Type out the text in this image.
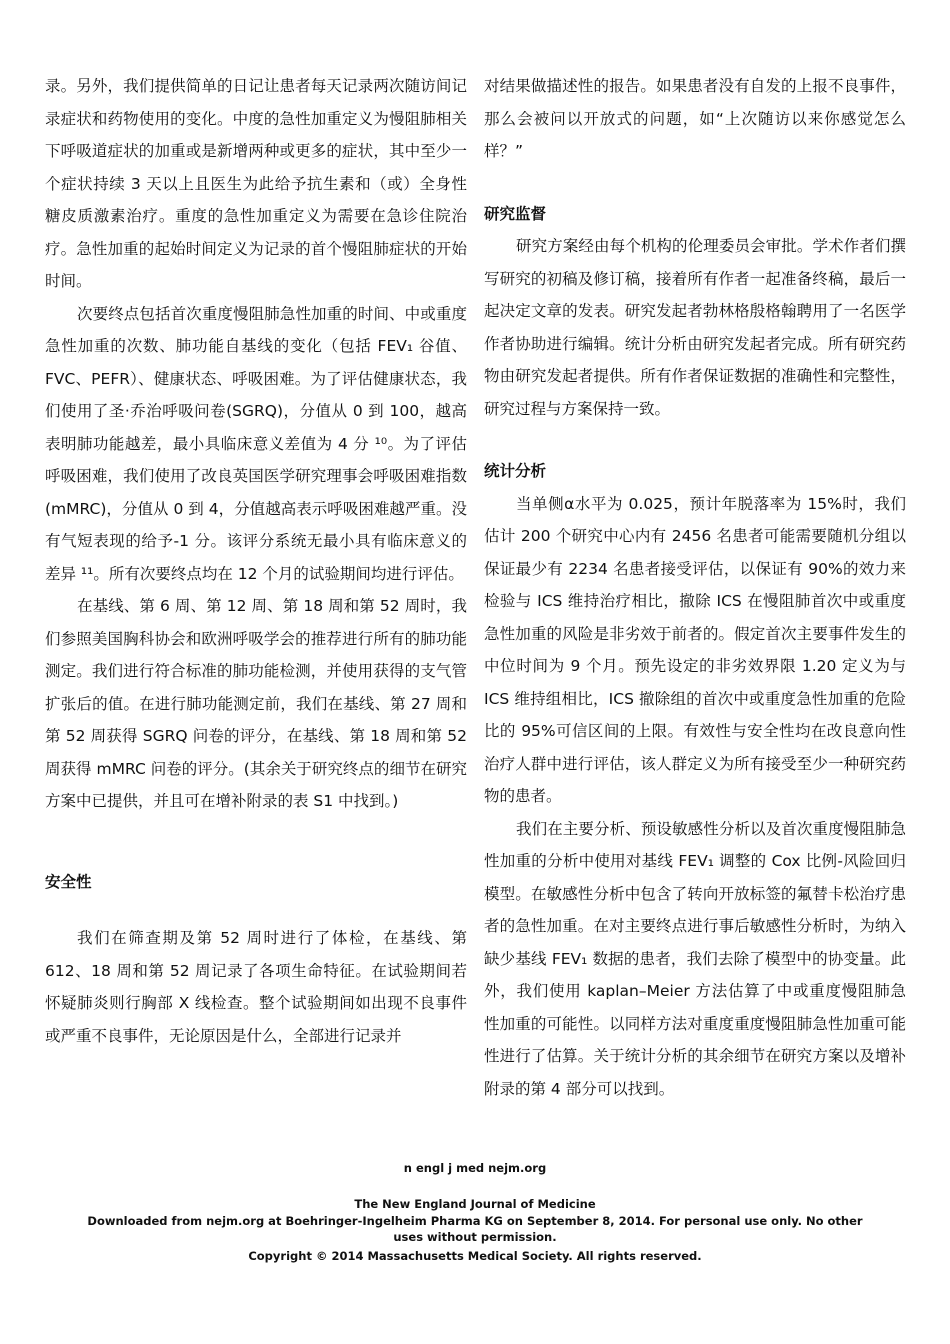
录。另外，我们提供简单的日记让患者每天记录两次随访间记录症状和药物使用的变化。中度的急性加重定义为慢阻肺相关下呼吸道症状的加重或是新增两种或更多的症状，其中至少一个症状持续 3 天以上且医生为此给予抗生素和（或）全身性糖皮质激素治疗。重度的急性加重定义为需要在急诊住院治疗。急性加重的起始时间定义为记录的首个慢阻肺症状的开始时间。

次要终点包括首次重度慢阻肺急性加重的时间、中或重度急性加重的次数、肺功能自基线的变化（包括 FEV₁ 谷值、FVC、PEFR）、健康状态、呼吸困难。为了评估健康状态，我们使用了圣·乔治呼吸问卷(SGRQ)，分值从 0 到 100，越高表明肺功能越差，最小具临床意义差值为 4 分 ¹⁰。为了评估呼吸困难，我们使用了改良英国医学研究理事会呼吸困难指数(mMRC)，分值从 0 到 4，分值越高表示呼吸困难越严重。没有气短表现的给予-1 分。该评分系统无最小具有临床意义的差异 ¹¹。所有次要终点均在 12 个月的试验期间均进行评估。

在基线、第 6 周、第 12 周、第 18 周和第 52 周时，我们参照美国胸科协会和欧洲呼吸学会的推荐进行所有的肺功能测定。我们进行符合标准的肺功能检测，并使用获得的支气管扩张后的值。在进行肺功能测定前，我们在基线、第 27 周和第 52 周获得 SGRQ 问卷的评分，在基线、第 18 周和第 52 周获得 mMRC 问卷的评分。(其余关于研究终点的细节在研究方案中已提供，并且可在增补附录的表 S1 中找到。)

安全性

我们在筛查期及第 52 周时进行了体检，在基线、第 612、18 周和第 52 周记录了各项生命特征。在试验期间若怀疑肺炎则行胸部 X 线检查。整个试验期间如出现不良事件或严重不良事件，无论原因是什么，全部进行记录并

对结果做描述性的报告。如果患者没有自发的上报不良事件，那么会被问以开放式的问题，如“上次随访以来你感觉怎么样？”

研究监督

研究方案经由每个机构的伦理委员会审批。学术作者们撰写研究的初稿及修订稿，接着所有作者一起准备终稿，最后一起决定文章的发表。研究发起者勃林格殷格翰聘用了一名医学作者协助进行编辑。统计分析由研究发起者完成。所有研究药物由研究发起者提供。所有作者保证数据的准确性和完整性，研究过程与方案保持一致。

统计分析

当单侧α水平为 0.025，预计年脱落率为 15%时，我们估计 200 个研究中心内有 2456 名患者可能需要随机分组以保证最少有 2234 名患者接受评估，以保证有 90%的效力来检验与 ICS 维持治疗相比，撤除 ICS 在慢阻肺首次中或重度急性加重的风险是非劣效于前者的。假定首次主要事件发生的中位时间为 9 个月。预先设定的非劣效界限 1.20 定义为与 ICS 维持组相比，ICS 撤除组的首次中或重度急性加重的危险比的 95%可信区间的上限。有效性与安全性均在改良意向性治疗人群中进行评估，该人群定义为所有接受至少一种研究药物的患者。

我们在主要分析、预设敏感性分析以及首次重度慢阻肺急性加重的分析中使用对基线 FEV₁ 调整的 Cox 比例-风险回归模型。在敏感性分析中包含了转向开放标签的氟替卡松治疗患者的急性加重。在对主要终点进行事后敏感性分析时，为纳入缺少基线 FEV₁ 数据的患者，我们去除了模型中的协变量。此外，我们使用 kaplan–Meier 方法估算了中或重度慢阻肺急性加重的可能性。以同样方法对重度重度慢阻肺急性加重可能性进行了估算。关于统计分析的其余细节在研究方案以及增补附录的第 4 部分可以找到。

n engl j med nejm.org
The New England Journal of Medicine
Downloaded from nejm.org at Boehringer-Ingelheim Pharma KG on September 8, 2014. For personal use only. No other uses without permission.
Copyright © 2014 Massachusetts Medical Society. All rights reserved.
